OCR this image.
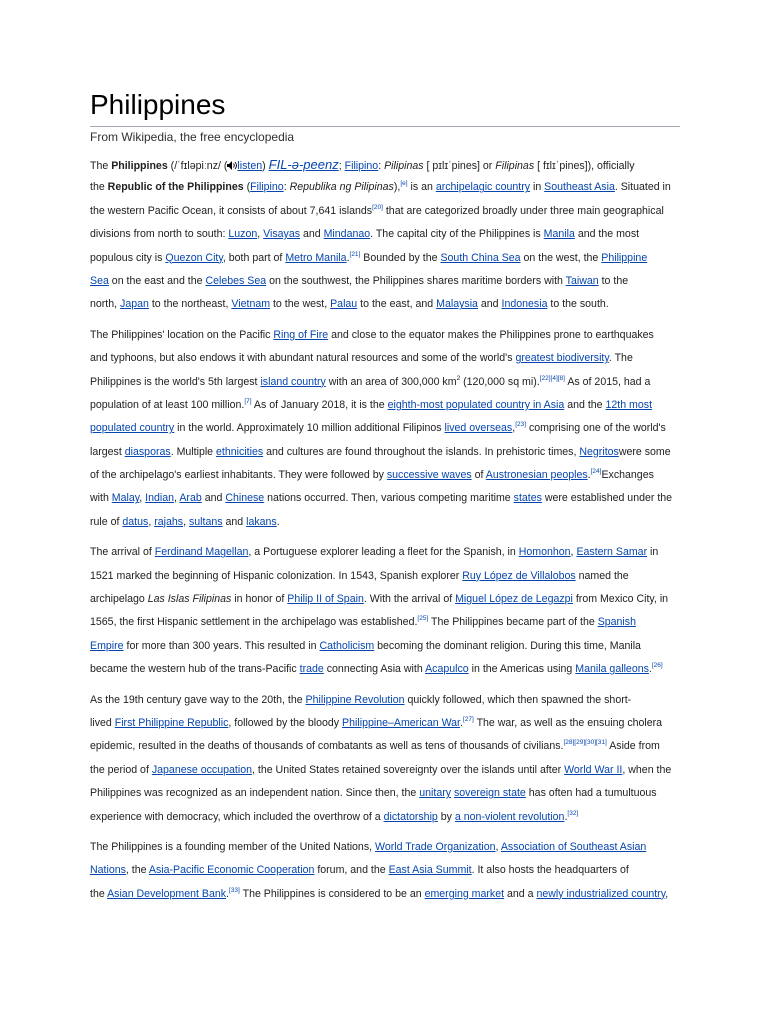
Philippines
From Wikipedia, the free encyclopedia
The Philippines (/ˈfɪləpiːnz/ ( listen) FIL-ə-peenz; Filipino: Pilipinas [ pɪlɪˈpines] or Filipinas [ fɪlɪˈpines]), officially
the Republic of the Philippines (Filipino: Republika ng Pilipinas),[e] is an archipelagic country in Southeast Asia. Situated in
the western Pacific Ocean, it consists of about 7,641 islands[20] that are categorized broadly under three main geographical
divisions from north to south: Luzon, Visayas and Mindanao. The capital city of the Philippines is Manila and the most
populous city is Quezon City, both part of Metro Manila.[21] Bounded by the South China Sea on the west, the Philippine
Sea on the east and the Celebes Sea on the southwest, the Philippines shares maritime borders with Taiwan to the
north, Japan to the northeast, Vietnam to the west, Palau to the east, and Malaysia and Indonesia to the south.
The Philippines' location on the Pacific Ring of Fire and close to the equator makes the Philippines prone to earthquakes
and typhoons, but also endows it with abundant natural resources and some of the world's greatest biodiversity. The
Philippines is the world's 5th largest island country with an area of 300,000 $km^2$ (120,000 sq mi).[22][4][8] As of 2015, had a
population of at least 100 million.[7] As of January 2018, it is the eighth-most populated country in Asia and the 12th most
populated country in the world. Approximately 10 million additional Filipinos lived overseas,[23] comprising one of the world's
largest diasporas. Multiple ethnicities and cultures are found throughout the islands. In prehistoric times, Negritoswere some
of the archipelago's earliest inhabitants. They were followed by successive waves of Austronesian peoples.[24]Exchanges
with Malay, Indian, Arab and Chinese nations occurred. Then, various competing maritime states were established under the
rule of datus, rajahs, sultans and lakans.
The arrival of Ferdinand Magellan, a Portuguese explorer leading a fleet for the Spanish, in Homonhon, Eastern Samar in
1521 marked the beginning of Hispanic colonization. In 1543, Spanish explorer Ruy López de Villalobos named the
archipelago Las Islas Filipinas in honor of Philip II of Spain. With the arrival of Miguel López de Legazpi from Mexico City, in
1565, the first Hispanic settlement in the archipelago was established.[25] The Philippines became part of the Spanish
Empire for more than 300 years. This resulted in Catholicism becoming the dominant religion. During this time, Manila
became the western hub of the trans-Pacific trade connecting Asia with Acapulco in the Americas using Manila galleons.[26]
As the 19th century gave way to the 20th, the Philippine Revolution quickly followed, which then spawned the short-
lived First Philippine Republic, followed by the bloody Philippine–American War.[27] The war, as well as the ensuing cholera
epidemic, resulted in the deaths of thousands of combatants as well as tens of thousands of civilians.[28][29][30][31] Aside from
the period of Japanese occupation, the United States retained sovereignty over the islands until after World War II, when the
Philippines was recognized as an independent nation. Since then, the unitary sovereign state has often had a tumultuous
experience with democracy, which included the overthrow of a dictatorship by a non-violent revolution.[32]
The Philippines is a founding member of the United Nations, World Trade Organization, Association of Southeast Asian
Nations, the Asia-Pacific Economic Cooperation forum, and the East Asia Summit. It also hosts the headquarters of
the Asian Development Bank.[33] The Philippines is considered to be an emerging market and a newly industrialized country,
